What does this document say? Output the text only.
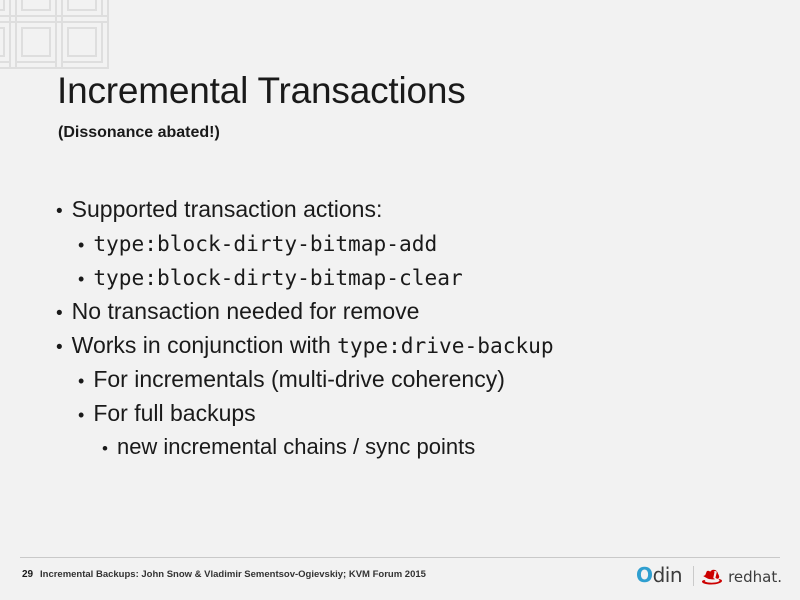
Incremental Transactions
(Dissonance abated!)
• Supported transaction actions:
• type:block-dirty-bitmap-add
• type:block-dirty-bitmap-clear
• No transaction needed for remove
• Works in conjunction with type:drive-backup
• For incrementals (multi-drive coherency)
• For full backups
• new incremental chains / sync points
29 Incremental Backups: John Snow & Vladimir Sementsov-Ogievskiy; KVM Forum 2015	Odin	redhat.
